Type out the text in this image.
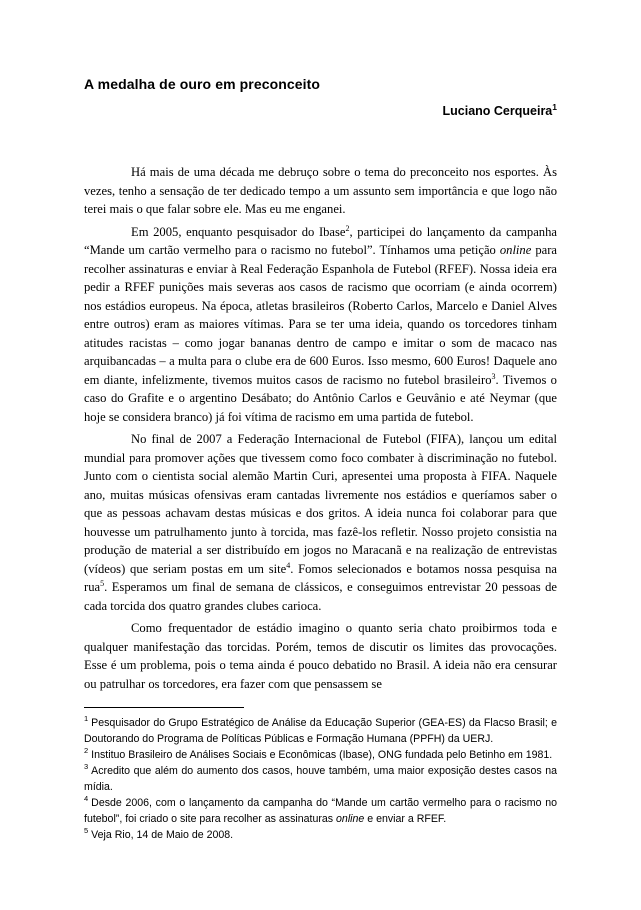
A medalha de ouro em preconceito
Luciano Cerqueira$^1$

Há mais de uma década me debruço sobre o tema do preconceito nos esportes. Às vezes, tenho a sensação de ter dedicado tempo a um assunto sem importância e que logo não terei mais o que falar sobre ele. Mas eu me enganei.

Em 2005, enquanto pesquisador do Ibase$^2$, participei do lançamento da campanha “Mande um cartão vermelho para o racismo no futebol”. Tínhamos uma petição online para recolher assinaturas e enviar à Real Federação Espanhola de Futebol (RFEF). Nossa ideia era pedir a RFEF punições mais severas aos casos de racismo que ocorriam (e ainda ocorrem) nos estádios europeus. Na época, atletas brasileiros (Roberto Carlos, Marcelo e Daniel Alves entre outros) eram as maiores vítimas. Para se ter uma ideia, quando os torcedores tinham atitudes racistas – como jogar bananas dentro de campo e imitar o som de macaco nas arquibancadas – a multa para o clube era de 600 Euros. Isso mesmo, 600 Euros! Daquele ano em diante, infelizmente, tivemos muitos casos de racismo no futebol brasileiro$^3$. Tivemos o caso do Grafite e o argentino Desábato; do Antônio Carlos e Geuvânio e até Neymar (que hoje se considera branco) já foi vítima de racismo em uma partida de futebol.

No final de 2007 a Federação Internacional de Futebol (FIFA), lançou um edital mundial para promover ações que tivessem como foco combater à discriminação no futebol. Junto com o cientista social alemão Martin Curi, apresentei uma proposta à FIFA. Naquele ano, muitas músicas ofensivas eram cantadas livremente nos estádios e queríamos saber o que as pessoas achavam destas músicas e dos gritos. A ideia nunca foi colaborar para que houvesse um patrulhamento junto à torcida, mas fazê-los refletir. Nosso projeto consistia na produção de material a ser distribuído em jogos no Maracanã e na realização de entrevistas (vídeos) que seriam postas em um site$^4$. Fomos selecionados e botamos nossa pesquisa na rua$^5$. Esperamos um final de semana de clássicos, e conseguimos entrevistar 20 pessoas de cada torcida dos quatro grandes clubes carioca.

Como frequentador de estádio imagino o quanto seria chato proibirmos toda e qualquer manifestação das torcidas. Porém, temos de discutir os limites das provocações. Esse é um problema, pois o tema ainda é pouco debatido no Brasil. A ideia não era censurar ou patrulhar os torcedores, era fazer com que pensassem se

$^1$ Pesquisador do Grupo Estratégico de Análise da Educação Superior (GEA-ES) da Flacso Brasil; e Doutorando do Programa de Políticas Públicas e Formação Humana (PPFH) da UERJ.
$^2$ Instituo Brasileiro de Análises Sociais e Econômicas (Ibase), ONG fundada pelo Betinho em 1981.
$^3$ Acredito que além do aumento dos casos, houve também, uma maior exposição destes casos na mídia.
$^4$ Desde 2006, com o lançamento da campanha do “Mande um cartão vermelho para o racismo no futebol”, foi criado o site para recolher as assinaturas online e enviar a RFEF.
$^5$ Veja Rio, 14 de Maio de 2008.
